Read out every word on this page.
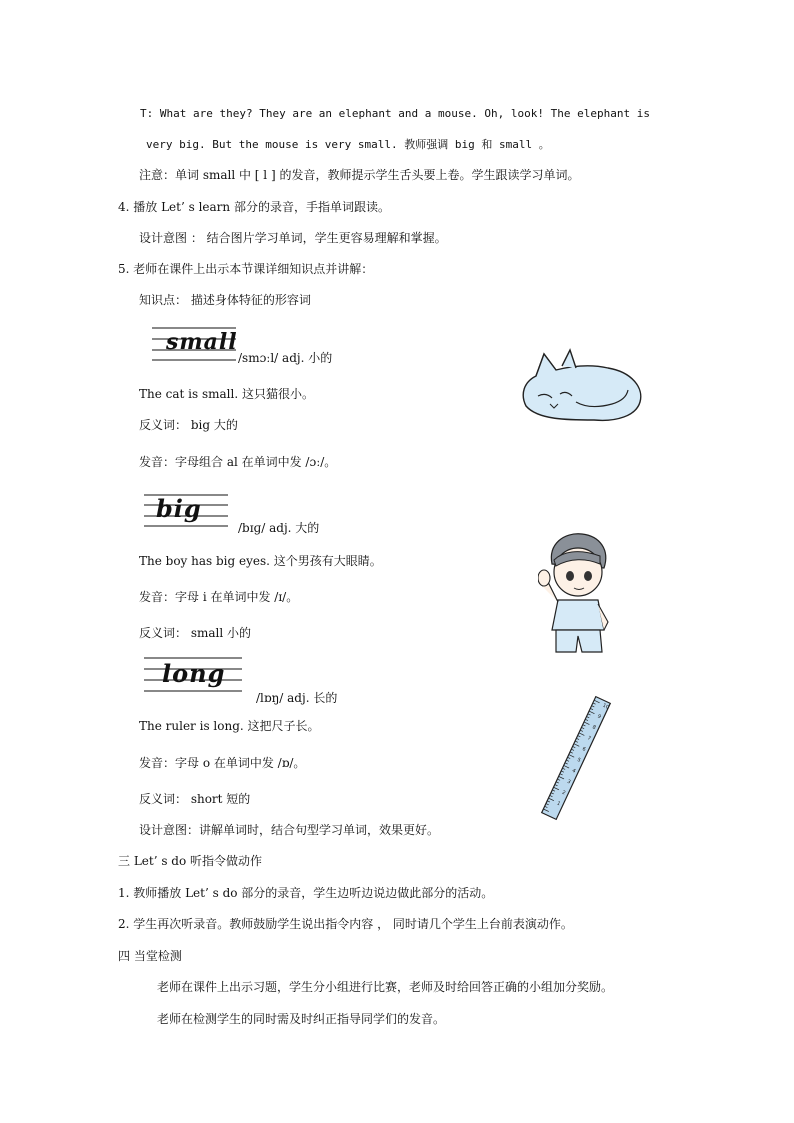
T: What are they? They are an elephant and a mouse. Oh, look! The elephant is
very big. But the mouse is very small. 教师强调 big 和 small 。
注意：单词 small 中 [ l ] 的发音，教师提示学生舌头要上卷。学生跟读学习单词。
4. 播放 Let’ s learn 部分的录音，手指单词跟读。
设计意图 ： 结合图片学习单词，学生更容易理解和掌握。
5. 老师在课件上出示本节课详细知识点并讲解：
知识点： 描述身体特征的形容词
small
/smɔːl/ adj. 小的
The cat is small. 这只猫很小。
反义词： big 大的
发音：字母组合 al 在单词中发 /ɔː/。
big
/bɪɡ/ adj. 大的
The boy has big eyes. 这个男孩有大眼睛。
发音：字母 i 在单词中发 /ɪ/。
反义词： small 小的
long
/lɒŋ/ adj. 长的
The ruler is long. 这把尺子长。
发音：字母 o 在单词中发 /ɒ/。
反义词： short 短的	1
2
3
4
5
6
7
8
9
10
设计意图：讲解单词时，结合句型学习单词，效果更好。
三 Let’ s do 听指令做动作
1. 教师播放 Let’ s do 部分的录音，学生边听边说边做此部分的活动。
2. 学生再次听录音。教师鼓励学生说出指令内容 ， 同时请几个学生上台前表演动作。
四 当堂检测
老师在课件上出示习题，学生分小组进行比赛，老师及时给回答正确的小组加分奖励。
老师在检测学生的同时需及时纠正指导同学们的发音。
